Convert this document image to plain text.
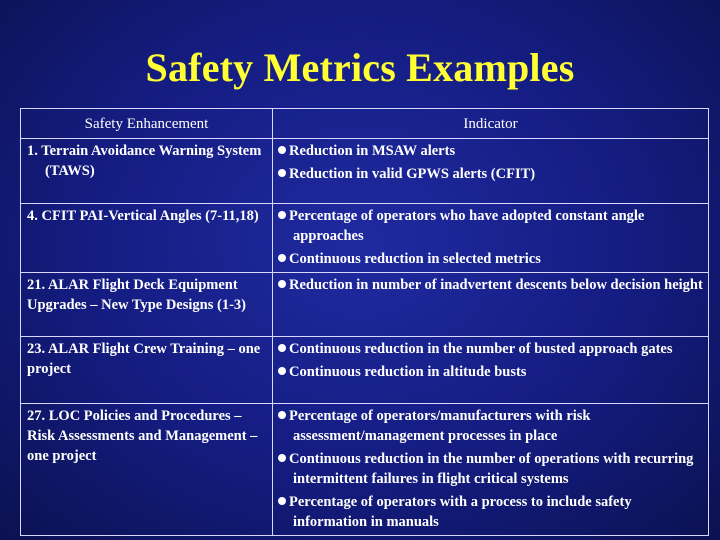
Safety Metrics Examples
Safety Enhancement	Indicator

1. Terrain Avoidance Warning System (TAWS)	Reduction in MSAW alerts
Reduction in valid GPWS alerts (CFIT)

4. CFIT PAI-Vertical Angles (7-11,18)	Percentage of operators who have adopted constant angle approaches
Continuous reduction in selected metrics

21. ALAR Flight Deck Equipment Upgrades – New Type Designs (1-3)	Reduction in number of inadvertent descents below decision height

23. ALAR Flight Crew Training – one project	Continuous reduction in the number of busted approach gates
Continuous reduction in altitude busts

27. LOC Policies and Procedures – Risk Assessments and Management – one project	Percentage of operators/manufacturers with risk assessment/management processes in place
Continuous reduction in the number of operations with recurring intermittent failures in flight critical systems
Percentage of operators with a process to include safety information in manuals
